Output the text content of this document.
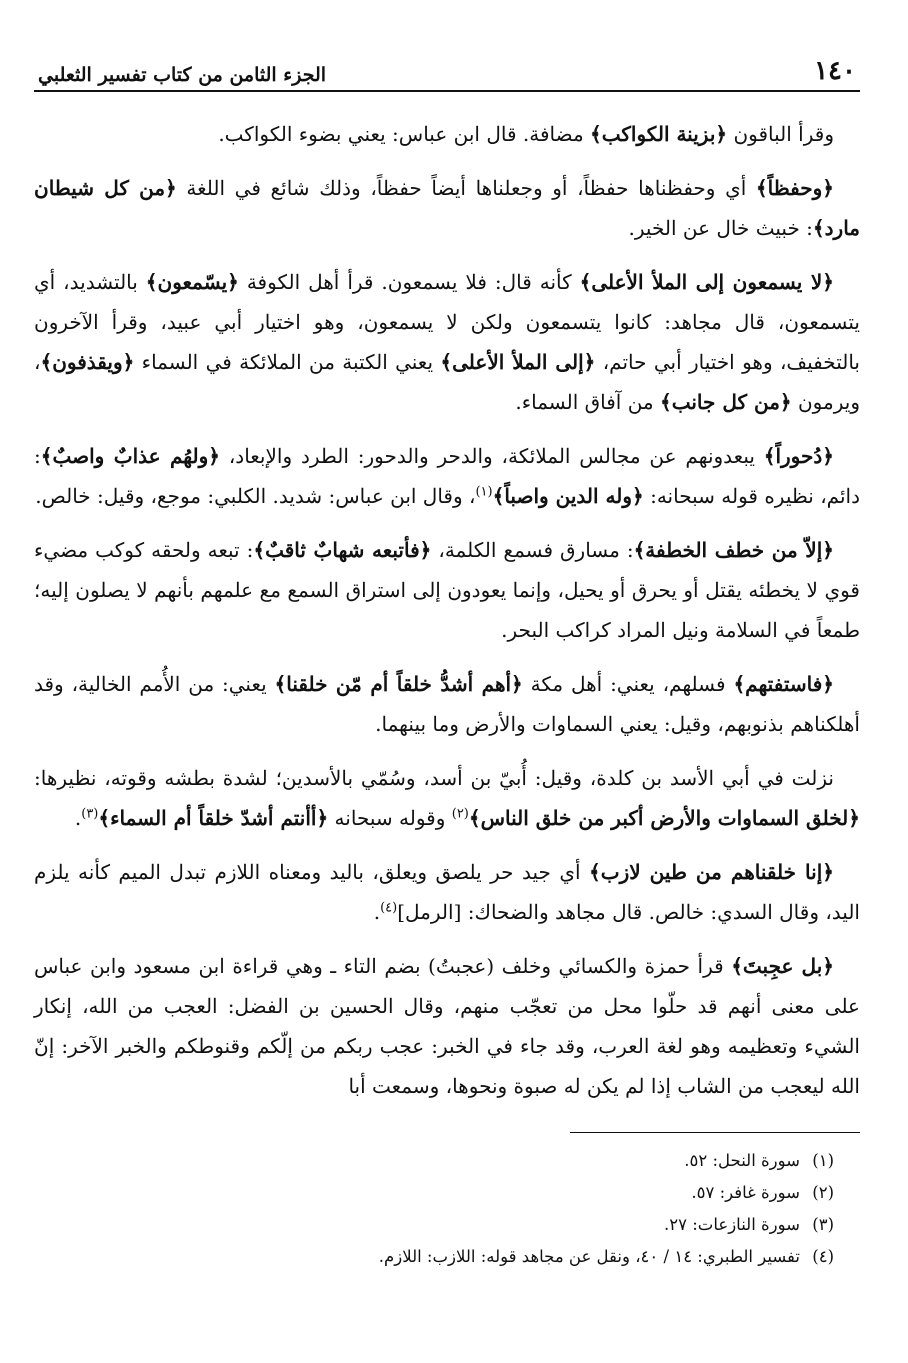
١٤٠
الجزء الثامن من كتاب تفسير الثعلبي

وقرأ الباقون ﴿بزينة الكواكب﴾ مضافة. قال ابن عباس: يعني بضوء الكواكب.

﴿وحفظاً﴾ أي وحفظناها حفظاً، أو وجعلناها أيضاً حفظاً، وذلك شائع في اللغة ﴿من كل شيطان مارد﴾: خبيث خال عن الخير.

﴿لا يسمعون إلى الملأ الأعلى﴾ كأنه قال: فلا يسمعون. قرأ أهل الكوفة ﴿يسّمعون﴾ بالتشديد، أي يتسمعون، قال مجاهد: كانوا يتسمعون ولكن لا يسمعون، وهو اختيار أبي عبيد، وقرأ الآخرون بالتخفيف، وهو اختيار أبي حاتم، ﴿إلى الملأ الأعلى﴾ يعني الكتبة من الملائكة في السماء ﴿ويقذفون﴾، ويرمون ﴿من كل جانب﴾ من آفاق السماء.

﴿دُحوراً﴾ يبعدونهم عن مجالس الملائكة، والدحر والدحور: الطرد والإبعاد، ﴿ولهُم عذابٌ واصبٌ﴾: دائم، نظيره قوله سبحانه: ﴿وله الدين واصباً﴾$^{(١)}$، وقال ابن عباس: شديد. الكلبي: موجع، وقيل: خالص.

﴿إلاّ من خطف الخطفة﴾: مسارق فسمع الكلمة، ﴿فأتبعه شهابٌ ثاقبٌ﴾: تبعه ولحقه كوكب مضيء قوي لا يخطئه يقتل أو يحرق أو يحيل، وإنما يعودون إلى استراق السمع مع علمهم بأنهم لا يصلون إليه؛ طمعاً في السلامة ونيل المراد كراكب البحر.

﴿فاستفتهم﴾ فسلهم، يعني: أهل مكة ﴿أهم أشدُّ خلقاً أم مّن خلقنا﴾ يعني: من الأُمم الخالية، وقد أهلكناهم بذنوبهم، وقيل: يعني السماوات والأرض وما بينهما.

نزلت في أبي الأسد بن كلدة، وقيل: أُبيّ بن أسد، وسُمّي بالأسدين؛ لشدة بطشه وقوته، نظيرها: ﴿لخلق السماوات والأرض أكبر من خلق الناس﴾$^{(٢)}$ وقوله سبحانه ﴿أأنتم أشدّ خلقاً أم السماء﴾$^{(٣)}$.

﴿إنا خلقناهم من طين لازب﴾ أي جيد حر يلصق ويعلق، باليد ومعناه اللازم تبدل الميم كأنه يلزم اليد، وقال السدي: خالص. قال مجاهد والضحاك: [الرمل]$^{(٤)}$.

﴿بل عجِبتَ﴾ قرأ حمزة والكسائي وخلف (عجبتُ) بضم التاء ـ وهي قراءة ابن مسعود وابن عباس على معنى أنهم قد حلّوا محل من تعجّب منهم، وقال الحسين بن الفضل: العجب من الله، إنكار الشيء وتعظيمه وهو لغة العرب، وقد جاء في الخبر: عجب ربكم من إلّكم وقنوطكم والخبر الآخر: إنّ الله ليعجب من الشاب إذا لم يكن له صبوة ونحوها، وسمعت أبا

(١)سورة النحل: ٥٢.
(٢)سورة غافر: ٥٧.
(٣)سورة النازعات: ٢٧.
(٤)تفسير الطبري: ١٤ / ٤٠، ونقل عن مجاهد قوله: اللازب: اللازم.
